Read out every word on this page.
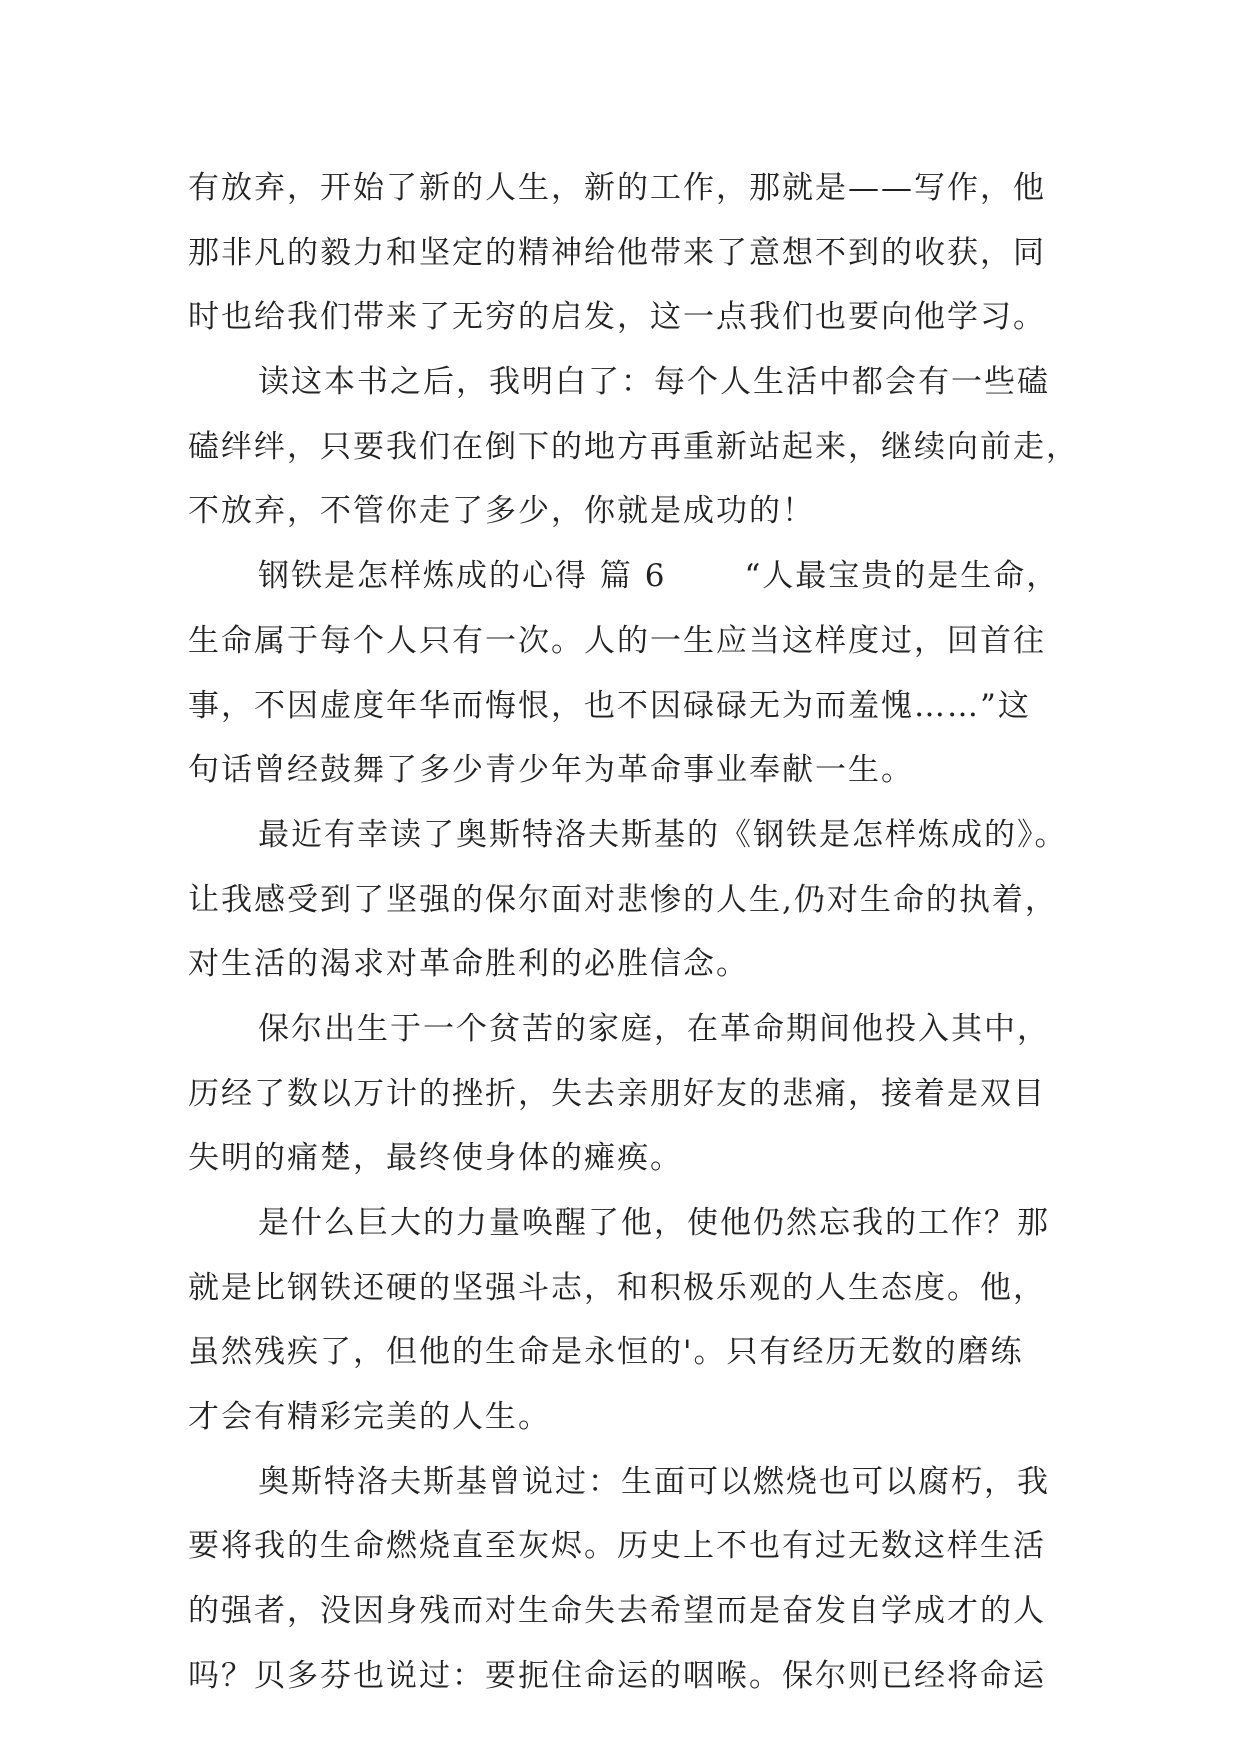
有放弃，开始了新的人生，新的工作，那就是——写作，他
那非凡的毅力和坚定的精神给他带来了意想不到的收获，同
时也给我们带来了无穷的启发，这一点我们也要向他学习。
读这本书之后，我明白了：每个人生活中都会有一些磕
磕绊绊，只要我们在倒下的地方再重新站起来，继续向前走，
不放弃，不管你走了多少，你就是成功的！
钢铁是怎样炼成的心得 篇 6	“人最宝贵的是生命，
生命属于每个人只有一次。人的一生应当这样度过，回首往
事，不因虚度年华而悔恨，也不因碌碌无为而羞愧……”这
句话曾经鼓舞了多少青少年为革命事业奉献一生。
最近有幸读了奥斯特洛夫斯基的《钢铁是怎样炼成的》。
让我感受到了坚强的保尔面对悲惨的人生,仍对生命的执着，
对生活的渴求对革命胜利的必胜信念。
保尔出生于一个贫苦的家庭，在革命期间他投入其中，
历经了数以万计的挫折，失去亲朋好友的悲痛，接着是双目
失明的痛楚，最终使身体的瘫痪。
是什么巨大的力量唤醒了他，使他仍然忘我的工作？那
就是比钢铁还硬的坚强斗志，和积极乐观的人生态度。他，
虽然残疾了，但他的生命是永恒的'。只有经历无数的磨练
才会有精彩完美的人生。
奥斯特洛夫斯基曾说过：生面可以燃烧也可以腐朽，我
要将我的生命燃烧直至灰烬。历史上不也有过无数这样生活
的强者，没因身残而对生命失去希望而是奋发自学成才的人
吗？贝多芬也说过：要扼住命运的咽喉。保尔则已经将命运
